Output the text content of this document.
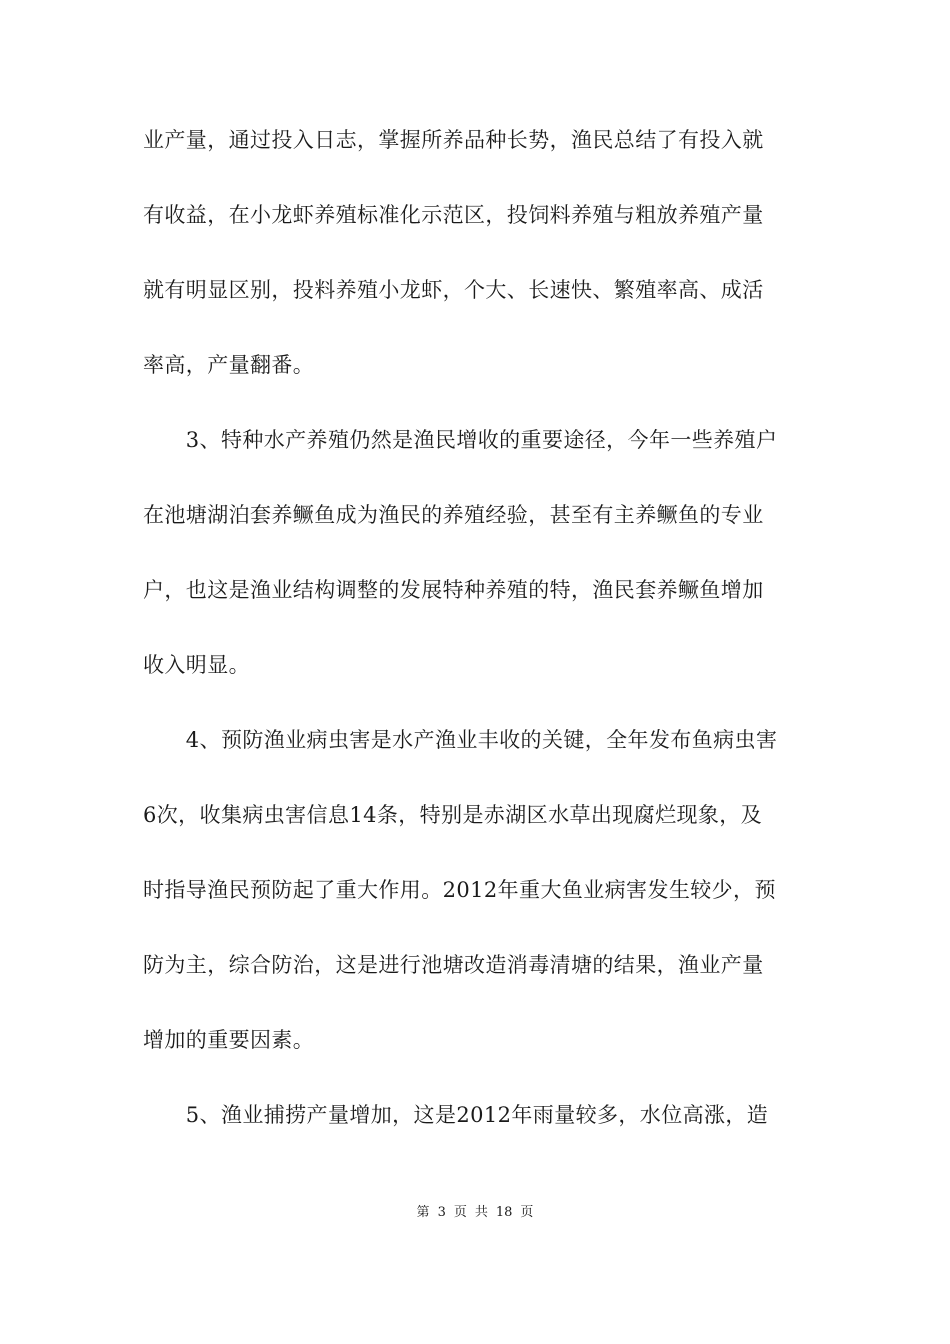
业产量，通过投入日志，掌握所养品种长势，渔民总结了有投入就
有收益，在小龙虾养殖标准化示范区，投饲料养殖与粗放养殖产量
就有明显区别，投料养殖小龙虾，个大、长速快、繁殖率高、成活
率高，产量翻番。
　　3、特种水产养殖仍然是渔民增收的重要途径，今年一些养殖户
在池塘湖泊套养鳜鱼成为渔民的养殖经验，甚至有主养鳜鱼的专业
户，也这是渔业结构调整的发展特种养殖的特，渔民套养鳜鱼增加
收入明显。
　　4、预防渔业病虫害是水产渔业丰收的关键，全年发布鱼病虫害
6次，收集病虫害信息14条，特别是赤湖区水草出现腐烂现象，及
时指导渔民预防起了重大作用。2012年重大鱼业病害发生较少，预
防为主，综合防治，这是进行池塘改造消毒清塘的结果，渔业产量
增加的重要因素。
　　5、渔业捕捞产量增加，这是2012年雨量较多，水位高涨，造
第 3 页 共 18 页
